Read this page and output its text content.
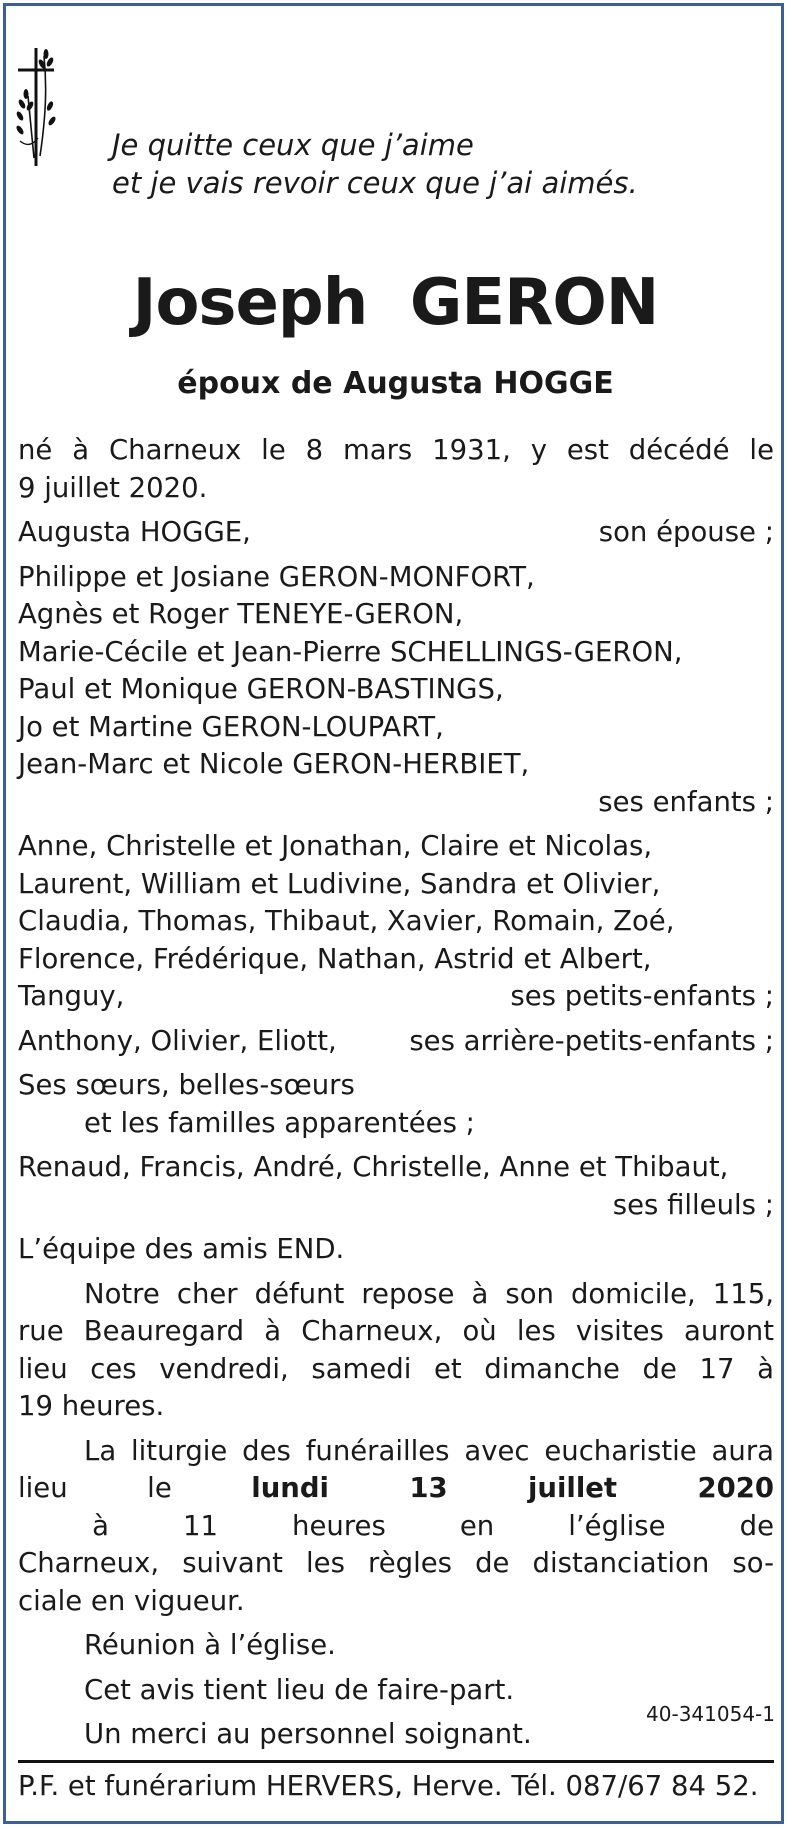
Je quitte ceux que j’aime
et je vais revoir ceux que j’ai aimés.
Joseph  GERON
époux de Augusta HOGGE
né à Charneux le 8 mars 1931, y est décédé le
9 juillet 2020.
Augusta HOGGE,	son épouse ;
Philippe et Josiane GERON-MONFORT,
Agnès et Roger TENEYE-GERON,
Marie-Cécile et Jean-Pierre SCHELLINGS-GERON,
Paul et Monique GERON-BASTINGS,
Jo et Martine GERON-LOUPART,
Jean-Marc et Nicole GERON-HERBIET,
ses enfants ;
Anne, Christelle et Jonathan, Claire et Nicolas,
Laurent, William et Ludivine, Sandra et Olivier,
Claudia, Thomas, Thibaut, Xavier, Romain, Zoé,
Florence, Frédérique, Nathan, Astrid et Albert,
Tanguy,	ses petits-enfants ;
Anthony, Olivier, Eliott,	ses arrière-petits-enfants ;
Ses sœurs, belles-sœurs
et les familles apparentées ;
Renaud, Francis, André, Christelle, Anne et Thibaut,
ses filleuls ;
L’équipe des amis END.
Notre cher défunt repose à son domicile, 115,
rue Beauregard à Charneux, où les visites auront
lieu ces vendredi, samedi et dimanche de 17 à
19 heures.
La liturgie des funérailles avec eucharistie aura
lieu le lundi 13 juillet 2020 à 11 heures en l’église de
Charneux, suivant les règles de distanciation so-
ciale en vigueur.
Réunion à l’église.
Cet avis tient lieu de faire-part.
Un merci au personnel soignant.
40-341054-1
P.F. et funérarium HERVERS, Herve. Tél. 087/67 84 52.
